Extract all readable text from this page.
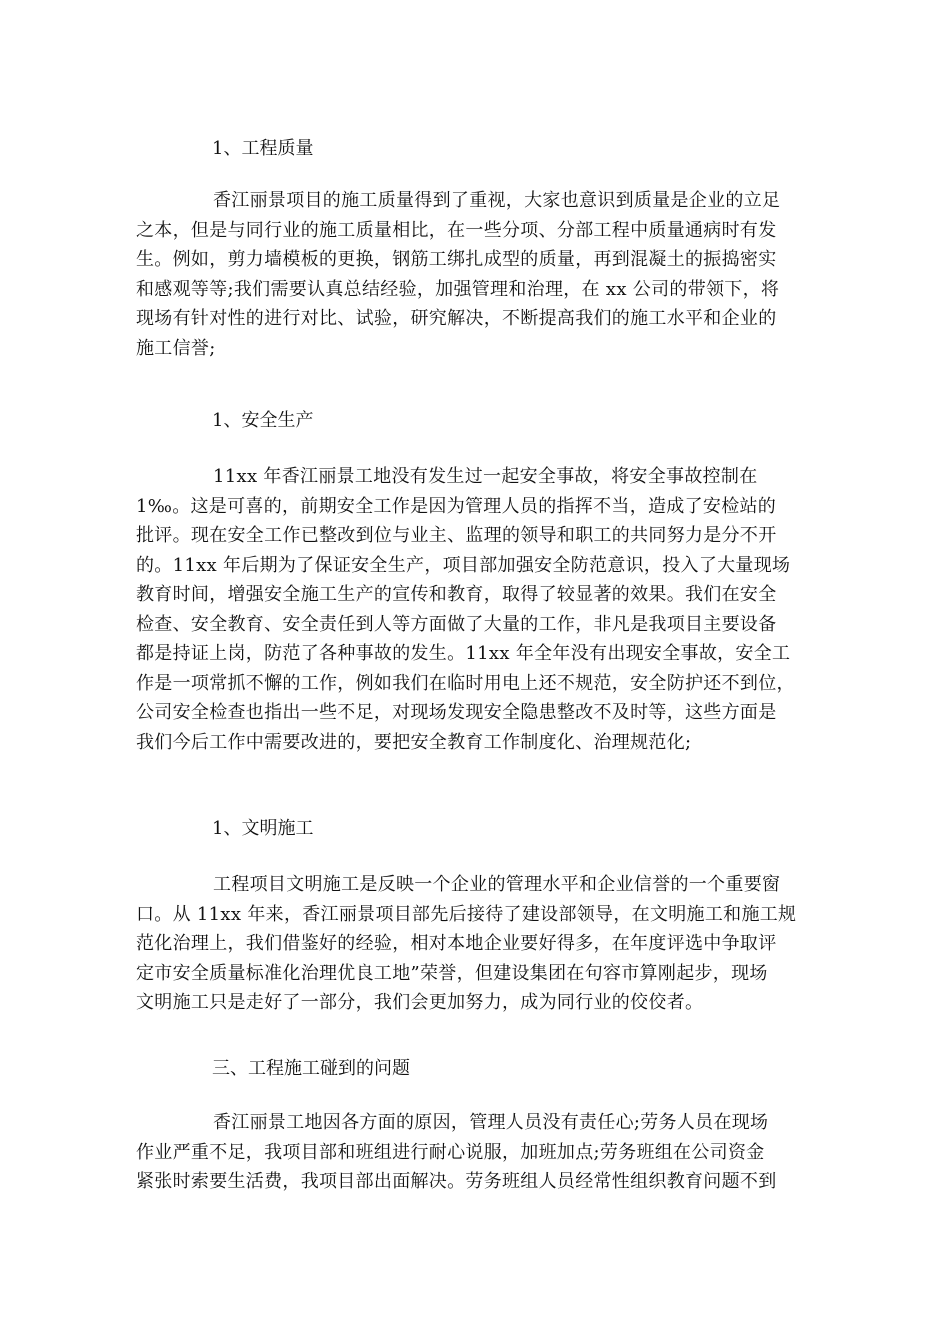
1、工程质量
香江丽景项目的施工质量得到了重视，大家也意识到质量是企业的立足
之本，但是与同行业的施工质量相比，在一些分项、分部工程中质量通病时有发
生。例如，剪力墙模板的更换，钢筋工绑扎成型的质量，再到混凝土的振捣密实
和感观等等;我们需要认真总结经验，加强管理和治理，在 xx 公司的带领下，将
现场有针对性的进行对比、试验，研究解决，不断提高我们的施工水平和企业的
施工信誉;
1、安全生产
11xx 年香江丽景工地没有发生过一起安全事故，将安全事故控制在
1‰。这是可喜的，前期安全工作是因为管理人员的指挥不当，造成了安检站的
批评。现在安全工作已整改到位与业主、监理的领导和职工的共同努力是分不开
的。11xx 年后期为了保证安全生产，项目部加强安全防范意识，投入了大量现场
教育时间，增强安全施工生产的宣传和教育，取得了较显著的效果。我们在安全
检查、安全教育、安全责任到人等方面做了大量的工作，非凡是我项目主要设备
都是持证上岗，防范了各种事故的发生。11xx 年全年没有出现安全事故，安全工
作是一项常抓不懈的工作，例如我们在临时用电上还不规范，安全防护还不到位，
公司安全检查也指出一些不足，对现场发现安全隐患整改不及时等，这些方面是
我们今后工作中需要改进的，要把安全教育工作制度化、治理规范化;
1、文明施工
工程项目文明施工是反映一个企业的管理水平和企业信誉的一个重要窗
口。从 11xx 年来，香江丽景项目部先后接待了建设部领导，在文明施工和施工规
范化治理上，我们借鉴好的经验，相对本地企业要好得多，在年度评选中争取评
定市安全质量标准化治理优良工地”荣誉，但建设集团在句容市算刚起步，现场
文明施工只是走好了一部分，我们会更加努力，成为同行业的佼佼者。
三、工程施工碰到的问题
香江丽景工地因各方面的原因，管理人员没有责任心;劳务人员在现场
作业严重不足，我项目部和班组进行耐心说服，加班加点;劳务班组在公司资金
紧张时索要生活费，我项目部出面解决。劳务班组人员经常性组织教育问题不到
